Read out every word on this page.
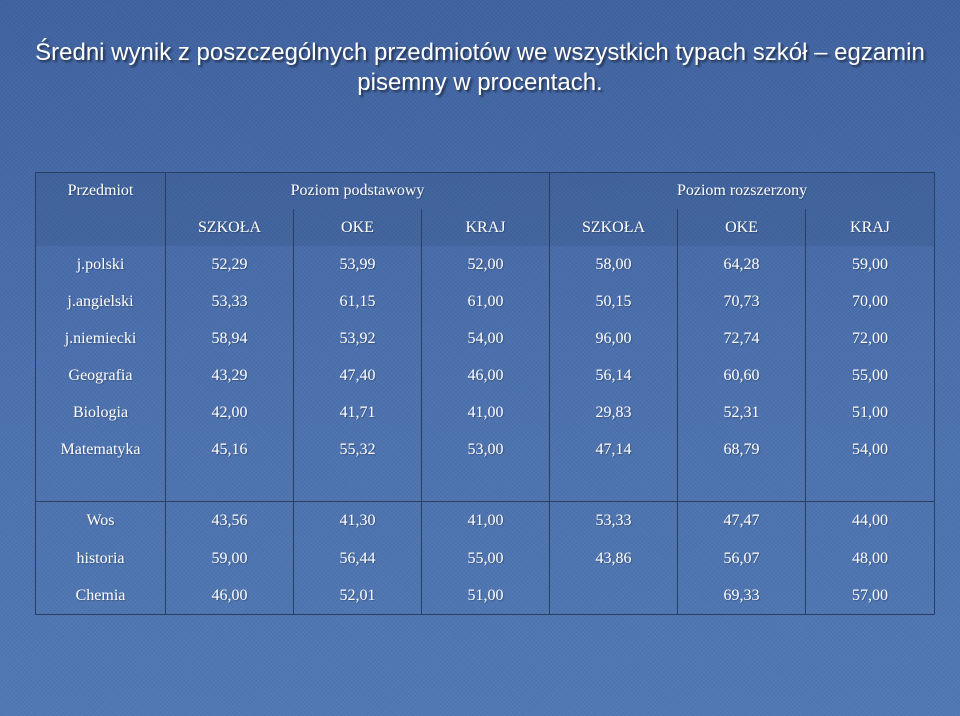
Średni wynik z poszczególnych przedmiotów we wszystkich typach szkół – egzamin
pisemny w procentach.
Przedmiot	Poziom podstawowy			Poziom rozszerzony		
	SZKOŁA	OKE	KRAJ	SZKOŁA	OKE	KRAJ
j.polski	52,29	53,99	52,00	58,00	64,28	59,00
j.angielski	53,33	61,15	61,00	50,15	70,73	70,00
j.niemiecki	58,94	53,92	54,00	96,00	72,74	72,00
Geografia	43,29	47,40	46,00	56,14	60,60	55,00
Biologia	42,00	41,71	41,00	29,83	52,31	51,00
Matematyka	45,16	55,32	53,00	47,14	68,79	54,00
Wos	43,56	41,30	41,00	53,33	47,47	44,00
historia	59,00	56,44	55,00	43,86	56,07	48,00
Chemia	46,00	52,01	51,00		69,33	57,00
